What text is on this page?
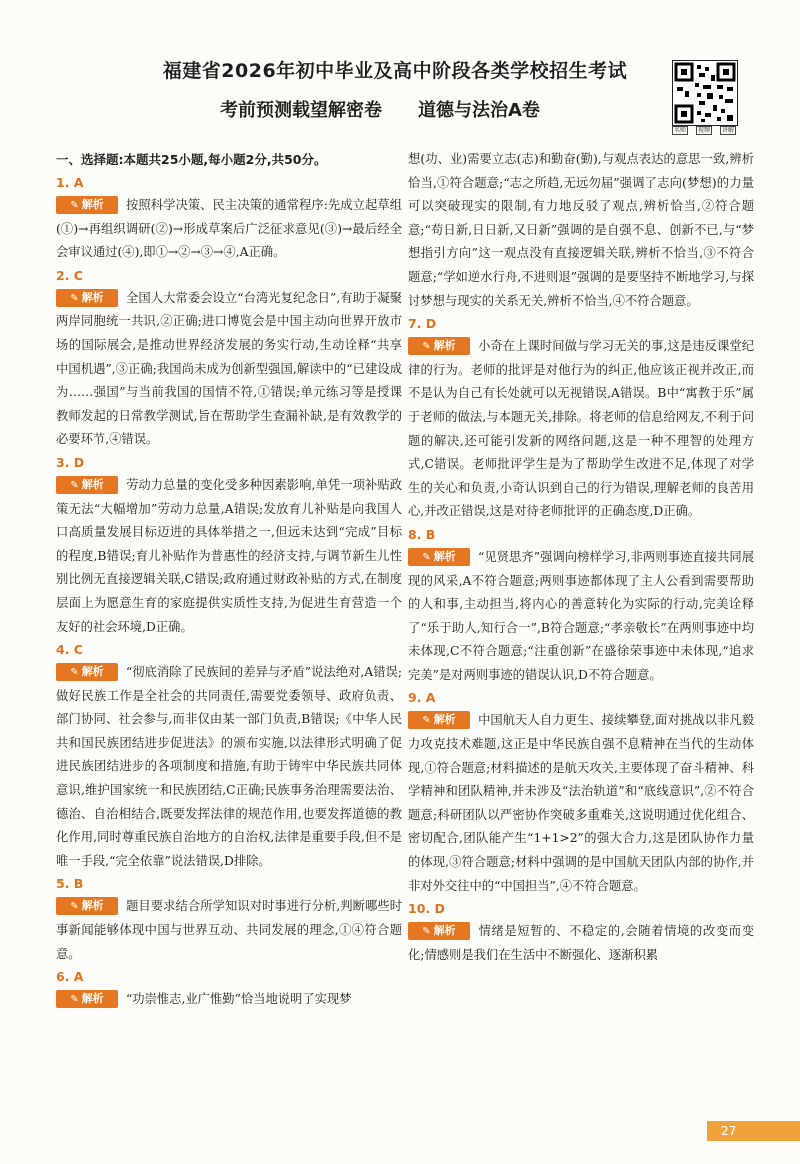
福建省2026年初中毕业及高中阶段各类学校招生考试
考前预测载望解密卷 道德与法治A卷
名师	视频	讲解
一、选择题:本题共25小题,每小题2分,共50分。
1. A
✎ 解析 按照科学决策、民主决策的通常程序:先成立起草组(①)→再组织调研(②)→形成草案后广泛征求意见(③)→最后经全会审议通过(④),即①→②→③→④,A正确。
2. C
✎ 解析 全国人大常委会设立“台湾光复纪念日”,有助于凝聚两岸同胞统一共识,②正确;进口博览会是中国主动向世界开放市场的国际展会,是推动世界经济发展的务实行动,生动诠释“共享中国机遇”,③正确;我国尚未成为创新型强国,解读中的“已建设成为……强国”与当前我国的国情不符,①错误;单元练习等是授课教师发起的日常教学测试,旨在帮助学生查漏补缺,是有效教学的必要环节,④错误。
3. D
✎ 解析 劳动力总量的变化受多种因素影响,单凭一项补贴政策无法“大幅增加”劳动力总量,A错误;发放育儿补贴是向我国人口高质量发展目标迈进的具体举措之一,但远未达到“完成”目标的程度,B错误;育儿补贴作为普惠性的经济支持,与调节新生儿性别比例无直接逻辑关联,C错误;政府通过财政补贴的方式,在制度层面上为愿意生育的家庭提供实质性支持,为促进生育营造一个友好的社会环境,D正确。
4. C
✎ 解析 “彻底消除了民族间的差异与矛盾”说法绝对,A错误;做好民族工作是全社会的共同责任,需要党委领导、政府负责、部门协同、社会参与,而非仅由某一部门负责,B错误;《中华人民共和国民族团结进步促进法》的颁布实施,以法律形式明确了促进民族团结进步的各项制度和措施,有助于铸牢中华民族共同体意识,维护国家统一和民族团结,C正确;民族事务治理需要法治、德治、自治相结合,既要发挥法律的规范作用,也要发挥道德的教化作用,同时尊重民族自治地方的自治权,法律是重要手段,但不是唯一手段,“完全依靠”说法错误,D排除。
5. B
✎ 解析 题目要求结合所学知识对时事进行分析,判断哪些时事新闻能够体现中国与世界互动、共同发展的理念,①④符合题意。
6. A
✎ 解析 “功崇惟志,业广惟勤”恰当地说明了实现梦
想(功、业)需要立志(志)和勤奋(勤),与观点表达的意思一致,辨析恰当,①符合题意;“志之所趋,无远勿届”强调了志向(梦想)的力量可以突破现实的限制,有力地反驳了观点,辨析恰当,②符合题意;“苟日新,日日新,又日新”强调的是自强不息、创新不已,与“梦想指引方向”这一观点没有直接逻辑关联,辨析不恰当,③不符合题意;“学如逆水行舟,不进则退”强调的是要坚持不断地学习,与探讨梦想与现实的关系无关,辨析不恰当,④不符合题意。
7. D
✎ 解析 小奇在上课时间做与学习无关的事,这是违反课堂纪律的行为。老师的批评是对他行为的纠正,他应该正视并改正,而不是认为自己有长处就可以无视错误,A错误。B中“寓教于乐”属于老师的做法,与本题无关,排除。将老师的信息给网友,不利于问题的解决,还可能引发新的网络问题,这是一种不理智的处理方式,C错误。老师批评学生是为了帮助学生改进不足,体现了对学生的关心和负责,小奇认识到自己的行为错误,理解老师的良苦用心,并改正错误,这是对待老师批评的正确态度,D正确。
8. B
✎ 解析 “见贤思齐”强调向榜样学习,非两则事迹直接共同展现的风采,A不符合题意;两则事迹都体现了主人公看到需要帮助的人和事,主动担当,将内心的善意转化为实际的行动,完美诠释了“乐于助人,知行合一”,B符合题意;“孝亲敬长”在两则事迹中均未体现,C不符合题意;“注重创新”在盛徐荣事迹中未体现,“追求完美”是对两则事迹的错误认识,D不符合题意。
9. A
✎ 解析 中国航天人自力更生、接续攀登,面对挑战以非凡毅力攻克技术难题,这正是中华民族自强不息精神在当代的生动体现,①符合题意;材料描述的是航天攻关,主要体现了奋斗精神、科学精神和团队精神,并未涉及“法治轨道”和“底线意识”,②不符合题意;科研团队以严密协作突破多重难关,这说明通过优化组合、密切配合,团队能产生“1+1>2”的强大合力,这是团队协作力量的体现,③符合题意;材料中强调的是中国航天团队内部的协作,并非对外交往中的“中国担当”,④不符合题意。
10. D
✎ 解析 情绪是短暂的、不稳定的,会随着情境的改变而变化;情感则是我们在生活中不断强化、逐渐积累
27
